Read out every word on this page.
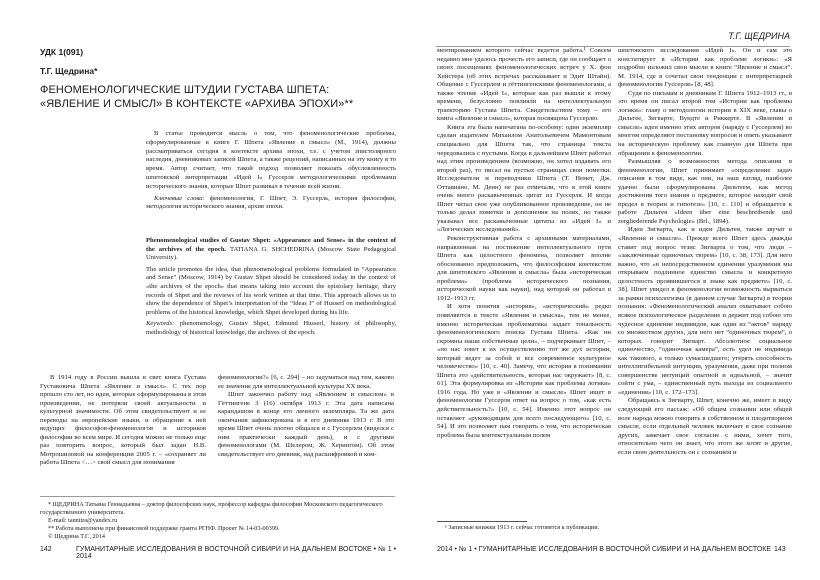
УДК 1(091)
Т.Г. Щедрина*
ФЕНОМЕНОЛОГИЧЕСКИЕ ШТУДИИ ГУСТАВА ШПЕТА:
«ЯВЛЕНИЕ И СМЫСЛ» В КОНТЕКСТЕ «АРХИВА ЭПОХИ»**

В статье проводится мысль о том, что феноменологические проблемы, сформулированные в книге Г. Шпета «Явление и смысл» (М., 1914), должны рассматриваться сегодня в контексте архива эпохи, т.е. с учетом эпистолярного наследия, дневниковых записей Шпета, а также рецензий, написанных на эту книгу в то время. Автор считает, что такой подход позволяет показать обусловленность шпетовской интерпретации «Идей I» Гуссерля методологическими проблемами исторического знания, которые Шпет развивал в течение всей жизни.

Ключевые слова: феноменология, Г. Шпет, Э. Гуссерль, история философии, методология исторического знания, архив эпохи.

Phenomenological studies of Gustav Shpet: «Appearance and Sense» in the context of the archives of the epoch. TATIANA G. SHCHEDRINA (Moscow State Pedagogical University).

The article promotes the idea, that phenomenological problems formulated in “Appearance and Sense” (Moscow, 1914) by Gustav Shpet should be considered today in the context of «the archives of the epoch» that means taking into account the epistolary heritage, diary records of Shpet and the reviews of his work written at that time. This approach allows us to show the dependence of Shpet’s interpretation of the “Ideas I” of Husserl on methodological problems of the historical knowledge, which Shpet developed during his life.

Keywords: phenomenology, Gustav Shpet, Edmund Husserl, history of philosophy, methodology of historical knowledge, the archives of the epoch.

В 1914 году в России вышла в свет книга Густава Густавовича Шпета «Явление и смысл». С тех пор прошло сто лет, но идеи, которые сформулированы в этом произведении, не потеряли своей актуальности и культурной значимости. Об этом свидетельствуют и ее переводы на европейские языки, и обращение к ней ведущих философов-феноменологов и историков философии во всем мире. И сегодня можно не только еще раз повторить вопрос, который был задан Н.В. Мотрошиловой на конференции 2005 г. – «сохраняет ли работа Шпета <…> свой смысл для понимания

феноменологии?» [6, с. 294] – но задуматься над тем, каково ее значение для интеллектуальной культуры XX века.

Шпет закончил работу над «Явлением и смыслом» в Гёттингене 3 (16) октября 1913 г. Эта дата написана карандашом в конце его личного экземпляра. Та же дата окончания зафиксирована и в его дневнике 1913 г. В это время Шпет очень плотно общался и с Гуссерлем (виделся с ним практически каждый день), и с другими феноменологами (М. Шелером, Ж. Херингом). Об этом свидетельствует его дневник, над расшифровкой и ком-

* ЩЕДРИНА Татьяна Геннадьевна – доктор философских наук, профессор кафедры философии Московского педагогического государственного университета.
E-mail: tannitra@yandex.ru
** Работа выполнена при финансовой поддержке гранта РГНФ. Проект № 14-03-00399.
© Щедрина Т.Г., 2014
142	ГУМАНИТАРНЫЕ ИССЛЕДОВАНИЯ В ВОСТОЧНОЙ СИБИРИ И НА ДАЛЬНЕМ ВОСТОКЕ • № 1 • 2014
Т.Г. ЩЕДРИНА

ментированием которого сейчас ведется работа.¹ Совсем недавно мне удалось прочесть его записи, где он сообщает о своих посещениях феноменологических встреч у Х. фон Хейстера (об этих встречах рассказывает и Эдит Штайн). Общение с Гуссерлем и гёттингенскими феноменологами, а также чтение «Идей I», которые как раз вышли к этому времени, безусловно повлияли на интеллектуальную траекторию Густава Шпета. Свидетельством тому – его книга «Явление и смысл», которая посвящена Гуссерлю.

Книга эта была напечатана по-особому: один экземпляр сделан издателем Михаилом Анатольевичем Мамонтовым специально для Шпета так, что страницы текста чередовались с пустыми. Когда в дальнейшем Шпет работал над этим произведением (возможно, он хотел издавать его второй раз), то писал на пустых страницах свои пометки. Исследователи и переводчики Шпета (Т. Немет, Дж. Оттавиано, М. Денн) не раз отмечали, что в этой книге очень много раскавыченных цитат из Гуссерля. И когда Шпет читал свое уже опубликованное произведение, он не только делал пометки и дополнения на полях, но также указывал все раскавыченные цитаты из «Идей I» и «Логических исследований».

Реконструктивная работа с архивными материалами, направленная на постижение интеллектуального пути Шпета как целостного феномена, позволяет вполне обоснованно предположить, что философским контекстом для шпетовского «Явления и смысла» была «историческая проблема» (проблема исторического познания, исторической науки как науки), над которой он работал в 1912–1913 гг.

И хотя понятия «история», «исторический» редко появляются в тексте «Явления и смысла», тем не менее, именно историческая проблематика задает тональность феноменологического поиска Густава Шпета. «Как ни скромны наши собственные цели», – подчеркивает Шпет, – «но нас зовет к их осуществлению тот же дух истории, который ведет за собой и все современное культурное человечество» [10, с. 40]. Замечу, что история в понимании Шпета это «действительность, которая нас окружает» [8, с. 61]. Эта формулировка из «Истории как проблемы логики» 1916 года. Но уже в «Явлении и смысле» Шпет ищет в феноменологии Гуссерля ответ на вопрос о том, «как есть действительность?» [10, с. 54]. Именно этот вопрос он оставляет «руководящим для всего последующего» [10, с. 54]. И это позволяет нам говорить о том, что историческая проблема была контекстуальным полем

¹ Записные книжки 1913 г. сейчас готовятся к публикации.

шпетовского исследования «Идей I». Он и сам это констатирует в «Истории как проблеме логики»: «Я подробно изложил свои мысли в книге “Явление и смысл”. М. 1914, где я сочетал свои тенденции с интерпретацией феноменологии Гуссерля» [8, 48].

Судя по письмам и дневникам Г. Шпета 1912–1913 гг., в это время он писал второй том «Истории как проблемы логики»: главу о методологии истории в XIX веке, главы о Дильтее, Зигварте, Вундте и Риккерте. В «Явлении и смысле» идеи именно этих авторов (наряду с Гуссерлем) во многом определяют постановку вопросов и опять указывают на историческую проблему как главную для Шпета при обращении к феноменологии.

Размышляя о возможностях метода описания в феноменологии, Шпет принимает «определение задач описания в том виде, как они, на наш взгляд, наиболее удачно были сформулированы Дильтеем, как метод достижения того знания о предмете, которое находит свой предел в теории и гипотезе» [10, с. 110] и обращается к работе Дильтея «Ideen über eine beschreibende und zergliederende Psychologie» (Brl., 1894).

Идеи Зигварта, как и идеи Дильтея, также звучат в «Явлении и смысле». Прежде всего Шпет здесь дважды ставит под вопрос тезис Зигварта о том, что люди – «заключенные одиночных тюрем» [10, с. 38, 173]. Для него важно, что «в непосредственном единении уразумения мы открываем подлинное единство смысла и конкретную целостность проявившегося в знаке как предмете» [10, с. 38]. Шпет увидел в феноменологии возможность вырваться за рамки психологизма (в данном случае Зигварта) в теории познания: «Феноменологический анализ охватывает собою всякое психологическое разделение и держит под собою это чудесное единение индивидов, как один из “актов” наряду со множеством других, для него нет “одиночных тюрем”, о которых говорит Зигварт. Абсолютное социальное одиночество, “одиночная камера”, есть удел не индивида как такового, а только сумасшедшего; утерять способность интеллигибельной интуиции, уразумения, даже при полном совершенстве интуиций опытной и идеальной, – значит сойти с ума, – единственный путь выхода из социального «единения» [10, с. 172–173].

Обращаясь к Зигварту, Шпет, конечно же, имеет в виду следующий его пассаж: «Об общем сознании или общей воле народа можно говорить в собственном и плодотворном смысле, если отдельный человек включает в свое сознание других, замечает свое согласие с ними, хочет того, относительно чего он знает, что этого же хотят и другие, если свою деятельность он с сознанием и

2014 • № 1 • ГУМАНИТАРНЫЕ ИССЛЕДОВАНИЯ В ВОСТОЧНОЙ СИБИРИ И НА ДАЛЬНЕМ ВОСТОКЕ 143
